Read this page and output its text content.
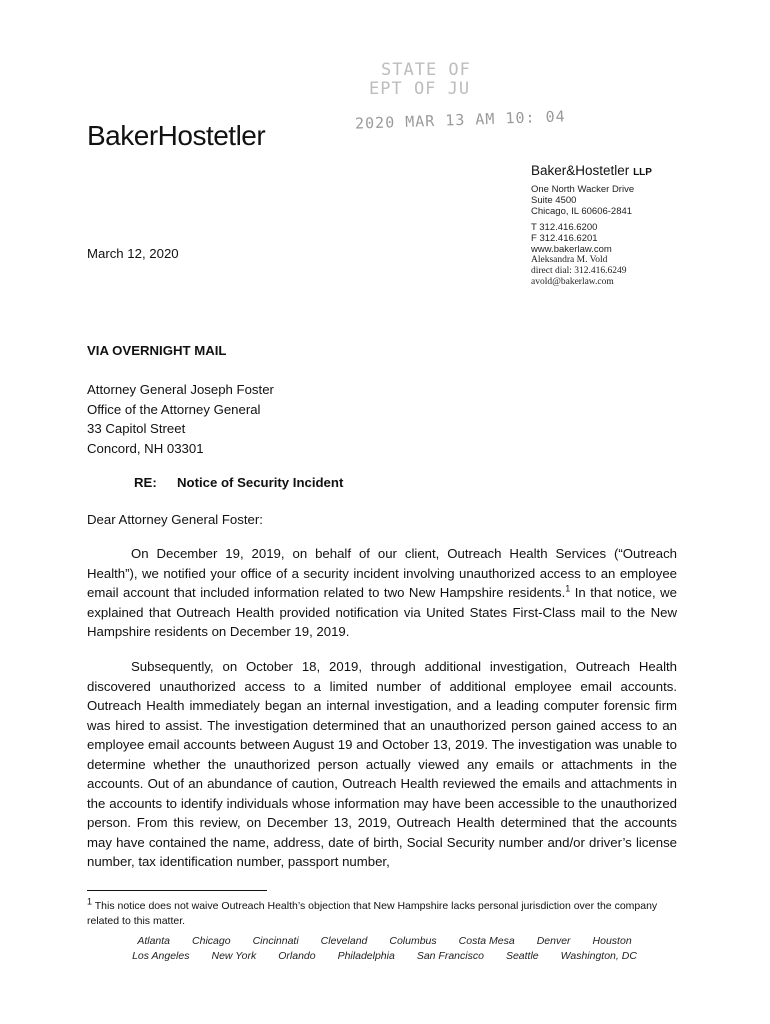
STATE OF
EPT OF JU
2020 MAR 13 AM 10: 04
BakerHostetler
Baker&Hostetler LLP
One North Wacker Drive
Suite 4500
Chicago, IL 60606-2841
T 312.416.6200
F 312.416.6201
www.bakerlaw.com
Aleksandra M. Vold
direct dial: 312.416.6249
avold@bakerlaw.com
March 12, 2020
VIA OVERNIGHT MAIL
Attorney General Joseph Foster
Office of the Attorney General
33 Capitol Street
Concord, NH 03301
RE: Notice of Security Incident
Dear Attorney General Foster:
On December 19, 2019, on behalf of our client, Outreach Health Services (“Outreach Health”), we notified your office of a security incident involving unauthorized access to an employee email account that included information related to two New Hampshire residents.$^1$ In that notice, we explained that Outreach Health provided notification via United States First-Class mail to the New Hampshire residents on December 19, 2019.
Subsequently, on October 18, 2019, through additional investigation, Outreach Health discovered unauthorized access to a limited number of additional employee email accounts. Outreach Health immediately began an internal investigation, and a leading computer forensic firm was hired to assist. The investigation determined that an unauthorized person gained access to an employee email accounts between August 19 and October 13, 2019. The investigation was unable to determine whether the unauthorized person actually viewed any emails or attachments in the accounts. Out of an abundance of caution, Outreach Health reviewed the emails and attachments in the accounts to identify individuals whose information may have been accessible to the unauthorized person. From this review, on December 13, 2019, Outreach Health determined that the accounts may have contained the name, address, date of birth, Social Security number and/or driver’s license number, tax identification number, passport number,
$^1$ This notice does not waive Outreach Health’s objection that New Hampshire lacks personal jurisdiction over the company related to this matter.
Atlanta Chicago Cincinnati Cleveland Columbus Costa Mesa Denver Houston
Los Angeles New York Orlando Philadelphia San Francisco Seattle Washington, DC
